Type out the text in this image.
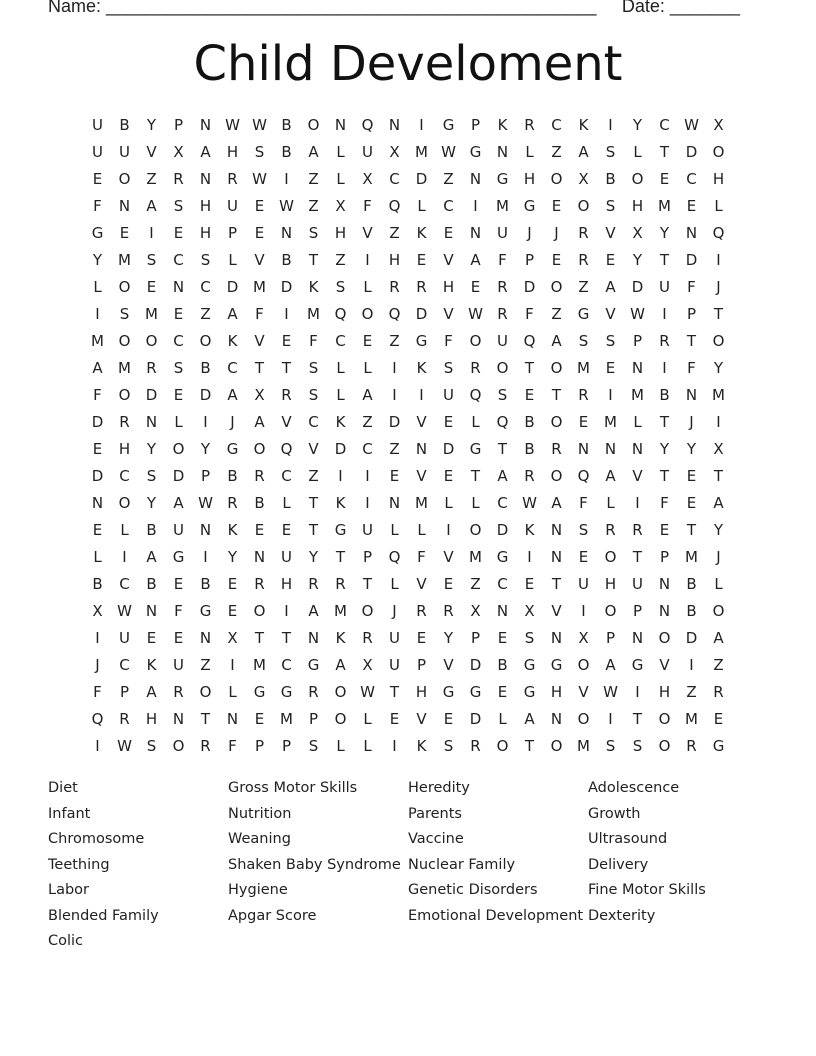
Name: _________________________________________________ Date: _______
Child Develoment
U	B	Y	P	N W W B	O	N	Q	N	I	G	P	K	R	C	K	I	Y	C W X
U	U	V	X	A	H	S	B	A	L	U	X	M W G	N	L	Z	A	S	L	T	D	O
E	O	Z	R	N	R W	I	Z	L	X	C	D	Z	N	G	H	O	X	B	O	E	C	H
F	N	A	S	H	U	E W Z	X	F	Q	L	C	I	M G	E	O	S	H M	E	L
G	E	I	E	H	P	E	N	S	H	V	Z	K	E	N	U	J	J	R	V	X	Y	N	Q
Y	M	S	C	S	L	V	B	T	Z	I	H	E	V	A	F	P	E	R	E	Y	T	D	I
L	O	E	N	C	D M D	K	S	L	R	R	H	E	R	D	O	Z	A	D	U	F	J
I	S	M	E	Z	A	F	I	M Q	O	Q	D	V W R	F	Z	G	V W	I	P	T
M O	O	C	O	K	V	E	F	C	E	Z	G	F	O	U	Q	A	S	S	P	R	T	O
A	M	R	S	B	C	T	T	S	L	L	I	K	S	R	O	T	O M	E	N	I	F	Y
F	O	D	E	D	A	X	R	S	L	A	I	I	U	Q	S	E	T	R	I	M	B	N M
D	R	N	L	I	J	A	V	C	K	Z	D	V	E	L	Q	B	O	E	M	L	T	J	I
E	H	Y	O	Y	G	O	Q	V	D	C	Z	N	D	G	T	B	R	N	N	N	Y	Y	X
D	C	S	D	P	B	R	C	Z	I	I	E	V	E	T	A	R	O	Q	A	V	T	E	T
N	O	Y	A W R	B	L	T	K	I	N M	L	L	C W A	F	L	I	F	E	A
E	L	B	U	N	K	E	E	T	G	U	L	L	I	O	D	K	N	S	R	R	E	T	Y
L	I	A	G	I	Y	N	U	Y	T	P	Q	F	V	M G	I	N	E	O	T	P	M	J
B	C	B	E	B	E	R	H	R	R	T	L	V	E	Z	C	E	T	U	H	U	N	B	L
X W N	F	G	E	O	I	A	M O	J	R	R	X	N	X	V	I	O	P	N	B	O
I	U	E	E	N	X	T	T	N	K	R	U	E	Y	P	E	S	N	X	P	N	O	D	A
J	C	K	U	Z	I	M	C	G	A	X	U	P	V	D	B	G	G	O	A	G	V	I	Z
F	P	A	R	O	L	G	G	R	O W T	H	G	G	E	G	H	V W	I	H	Z	R
Q	R	H	N	T	N	E	M	P	O	L	E	V	E	D	L	A	N	O	I	T	O M	E
I	W S	O	R	F	P	P	S	L	L	I	K	S	R	O	T	O M	S	S	O	R	G
Diet
Infant
Chromosome
Teething
Labor
Blended Family
Colic
Gross Motor Skills
Nutrition
Weaning
Shaken Baby Syndrome
Hygiene
Apgar Score
Heredity
Parents
Vaccine
Nuclear Family
Genetic Disorders
Emotional Development
Adolescence
Growth
Ultrasound
Delivery
Fine Motor Skills
Dexterity
